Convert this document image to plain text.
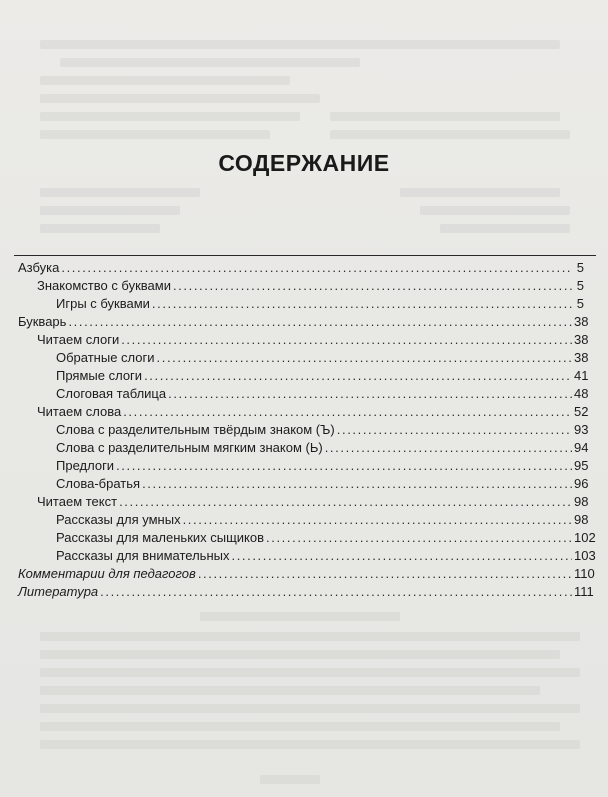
СОДЕРЖАНИЕ
Азбука .....	5
Знакомство с буквами .....	5
Игры с буквами .....	5
Букварь .....	38
Читаем слоги .....	38
Обратные слоги .....	38
Прямые слоги .....	41
Слоговая таблица .....	48
Читаем слова .....	52
Слова с разделительным твёрдым знаком (Ъ) .....	93
Слова с разделительным мягким знаком (Ь) .....	94
Предлоги .....	95
Слова-братья .....	96
Читаем текст .....	98
Рассказы для умных .....	98
Рассказы для маленьких сыщиков .....	102
Рассказы для внимательных .....	103
Комментарии для педагогов .....	110
Литература .....	111
